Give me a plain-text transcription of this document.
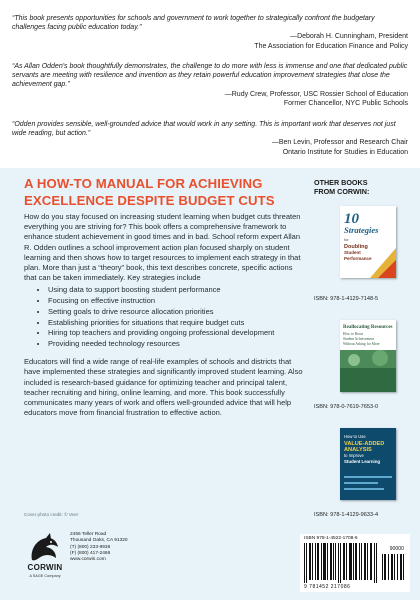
“This book presents opportunities for schools and government to work together to strategically confront the budgetary challenges facing public education today.”
—Deborah H. Cunningham, President
The Association for Education Finance and Policy
“As Allan Odden's book thoughtfully demonstrates, the challenge to do more with less is immense and one that dedicated public servants are meeting with resilience and invention as they retain powerful education improvement strategies that close the achievement gap.”
—Rudy Crew, Professor, USC Rossier School of Education
Former Chancellor, NYC Public Schools
“Odden provides sensible, well-grounded advice that would work in any setting. This is important work that deserves not just wide reading, but action.”
—Ben Levin, Professor and Research Chair
Ontario Institute for Studies in Education
A HOW-TO MANUAL FOR ACHIEVING
EXCELLENCE DESPITE BUDGET CUTS

How do you stay focused on increasing student learning when budget cuts threaten everything you are striving for? This book offers a comprehensive framework to enhance student achievement in good times and in bad. School reform expert Allan R. Odden outlines a school improvement action plan focused sharply on student learning and then shows how to target resources to implement each strategy in that plan. More than just a “theory” book, this text describes concrete, specific actions that can be taken immediately. Key strategies include

• Using data to support boosting student performance
• Focusing on effective instruction
• Setting goals to drive resource allocation priorities
• Establishing priorities for situations that require budget cuts
• Hiring top teachers and providing ongoing professional development
• Providing needed technology resources

Educators will find a wide range of real-life examples of schools and districts that have implemented these strategies and significantly improved student learning. Also included is research-based guidance for optimizing teacher and principal talent, teacher recruiting and hiring, online learning, and more. This book successfully communicates many years of work and offers well-grounded advice that will help educators move from financial frustration to effective action.

Cover photo credit: © Veer
CORWIN
A SAGE Company
2455 Teller Road
Thousand Oaks, CA 91320
(T) (800) 233-9936
(F) (800) 417-2466
www.corwin.com
OTHER BOOKS
FROM CORWIN:
10
Strategies
for
Doubling
Student
Performance
ISBN: 978-1-4129-7148-5
Reallocating Resources
How to Boost
Student Achievement
Without Asking for More
ISBN: 978-0-7619-7653-0
How to Use
VALUE-ADDED
ANALYSIS
to Improve
Student Learning
ISBN: 978-1-4129-9633-4
ISBN 978-1-4522-1708-6
90000
9 781452 217086
